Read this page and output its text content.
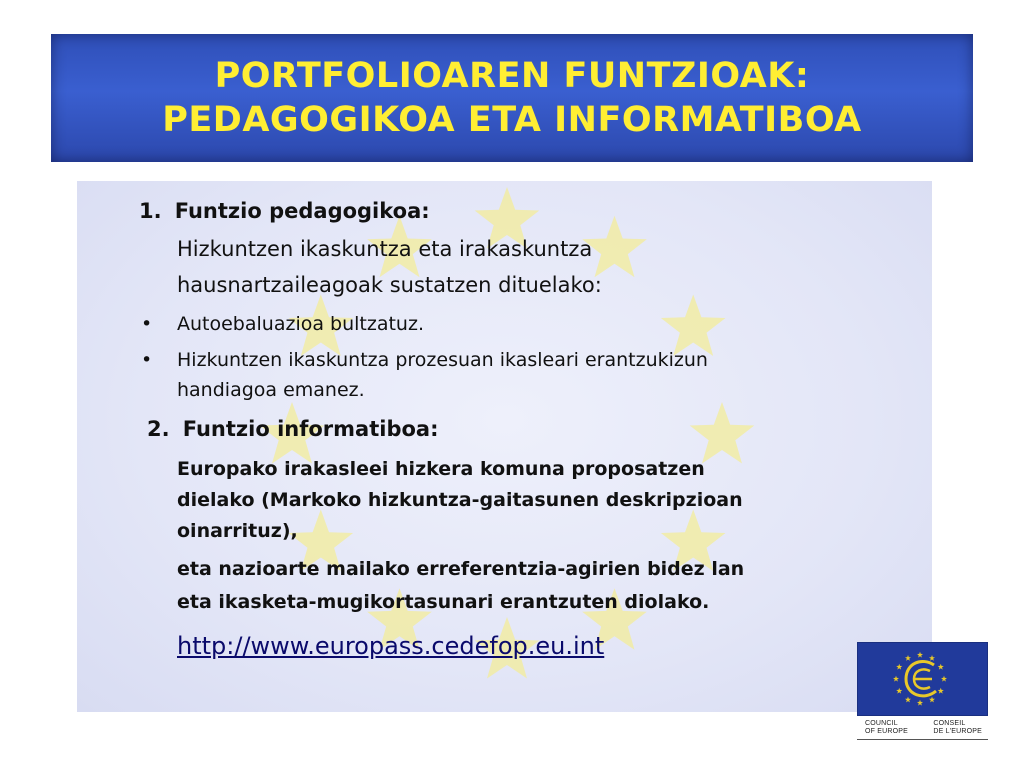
PORTFOLIOAREN FUNTZIOAK:
PEDAGOGIKOA ETA INFORMATIBOA
1. Funtzio pedagogikoa:
Hizkuntzen ikaskuntza eta irakaskuntza
hausnartzaileagoak sustatzen dituelako:
• Autoebaluazioa bultzatuz.
• Hizkuntzen ikaskuntza prozesuan ikasleari erantzukizun
handiagoa emanez.
2. Funtzio informatiboa:
Europako irakasleei hizkera komuna proposatzen
dielako (Markoko hizkuntza-gaitasunen deskripzioan
oinarrituz),
eta nazioarte mailako erreferentzia-agirien bidez lan
eta ikasketa-mugikortasunari erantzuten diolako.
http://www.europass.cedefop.eu.int
COUNCIL
OF EUROPE
CONSEIL
DE L'EUROPE
